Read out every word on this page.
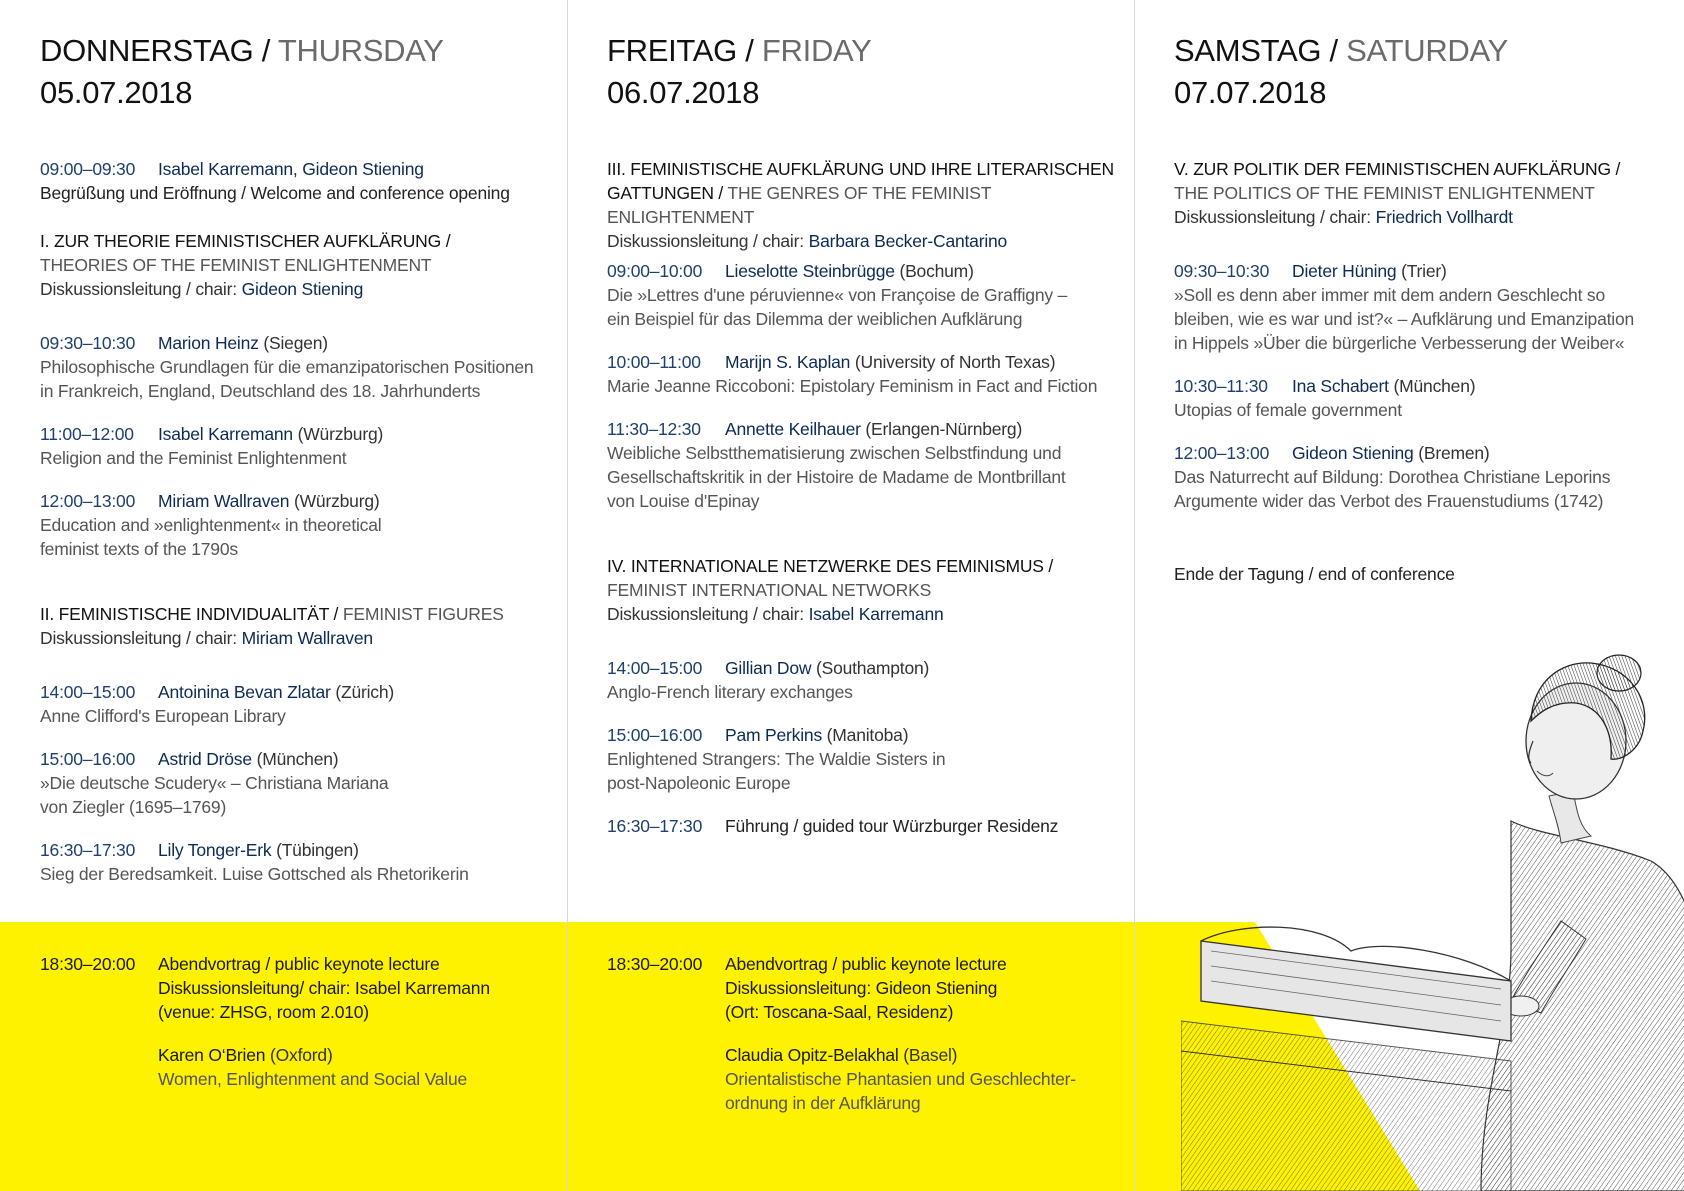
DONNERSTAG / THURSDAY
05.07.2018
09:00–09:30 Isabel Karremann, Gideon Stiening
Begrüßung und Eröffnung / Welcome and conference opening
I. ZUR THEORIE FEMINISTISCHER AUFKLÄRUNG /
THEORIES OF THE FEMINIST ENLIGHTENMENT
Diskussionsleitung / chair: Gideon Stiening
09:30–10:30 Marion Heinz (Siegen)
Philosophische Grundlagen für die emanzipatorischen Positionen
in Frankreich, England, Deutschland des 18. Jahrhunderts
11:00–12:00 Isabel Karremann (Würzburg)
Religion and the Feminist Enlightenment
12:00–13:00 Miriam Wallraven (Würzburg)
Education and »enlightenment« in theoretical
feminist texts of the 1790s
II. FEMINISTISCHE INDIVIDUALITÄT / FEMINIST FIGURES
Diskussionsleitung / chair: Miriam Wallraven
14:00–15:00 Antoinina Bevan Zlatar (Zürich)
Anne Clifford's European Library
15:00–16:00 Astrid Dröse (München)
»Die deutsche Scudery« – Christiana Mariana
von Ziegler (1695–1769)
16:30–17:30 Lily Tonger-Erk (Tübingen)
Sieg der Beredsamkeit. Luise Gottsched als Rhetorikerin
18:30–20:00 Abendvortrag / public keynote lecture
Diskussionsleitung/ chair: Isabel Karremann
(venue: ZHSG, room 2.010)
Karen O‘Brien (Oxford)
Women, Enlightenment and Social Value
FREITAG / FRIDAY
06.07.2018
III. FEMINISTISCHE AUFKLÄRUNG UND IHRE LITERARISCHEN
GATTUNGEN / THE GENRES OF THE FEMINIST ENLIGHTENMENT
Diskussionsleitung / chair: Barbara Becker-Cantarino
09:00–10:00 Lieselotte Steinbrügge (Bochum)
Die »Lettres d'une péruvienne« von Françoise de Graffigny –
ein Beispiel für das Dilemma der weiblichen Aufklärung
10:00–11:00 Marijn S. Kaplan (University of North Texas)
Marie Jeanne Riccoboni: Epistolary Feminism in Fact and Fiction
11:30–12:30 Annette Keilhauer (Erlangen-Nürnberg)
Weibliche Selbstthematisierung zwischen Selbstfindung und
Gesellschaftskritik in der Histoire de Madame de Montbrillant
von Louise d'Epinay
IV. INTERNATIONALE NETZWERKE DES FEMINISMUS /
FEMINIST INTERNATIONAL NETWORKS
Diskussionsleitung / chair: Isabel Karremann
14:00–15:00 Gillian Dow (Southampton)
Anglo-French literary exchanges
15:00–16:00 Pam Perkins (Manitoba)
Enlightened Strangers: The Waldie Sisters in
post-Napoleonic Europe
16:30–17:30 Führung / guided tour Würzburger Residenz
18:30–20:00 Abendvortrag / public keynote lecture
Diskussionsleitung: Gideon Stiening
(Ort: Toscana-Saal, Residenz)
Claudia Opitz-Belakhal (Basel)
Orientalistische Phantasien und Geschlechter-
ordnung in der Aufklärung
SAMSTAG / SATURDAY
07.07.2018
V. ZUR POLITIK DER FEMINISTISCHEN AUFKLÄRUNG /
THE POLITICS OF THE FEMINIST ENLIGHTENMENT
Diskussionsleitung / chair: Friedrich Vollhardt
09:30–10:30 Dieter Hüning (Trier)
»Soll es denn aber immer mit dem andern Geschlecht so
bleiben, wie es war und ist?« – Aufklärung und Emanzipation
in Hippels »Über die bürgerliche Verbesserung der Weiber«
10:30–11:30 Ina Schabert (München)
Utopias of female government
12:00–13:00 Gideon Stiening (Bremen)
Das Naturrecht auf Bildung: Dorothea Christiane Leporins
Argumente wider das Verbot des Frauenstudiums (1742)
Ende der Tagung / end of conference
